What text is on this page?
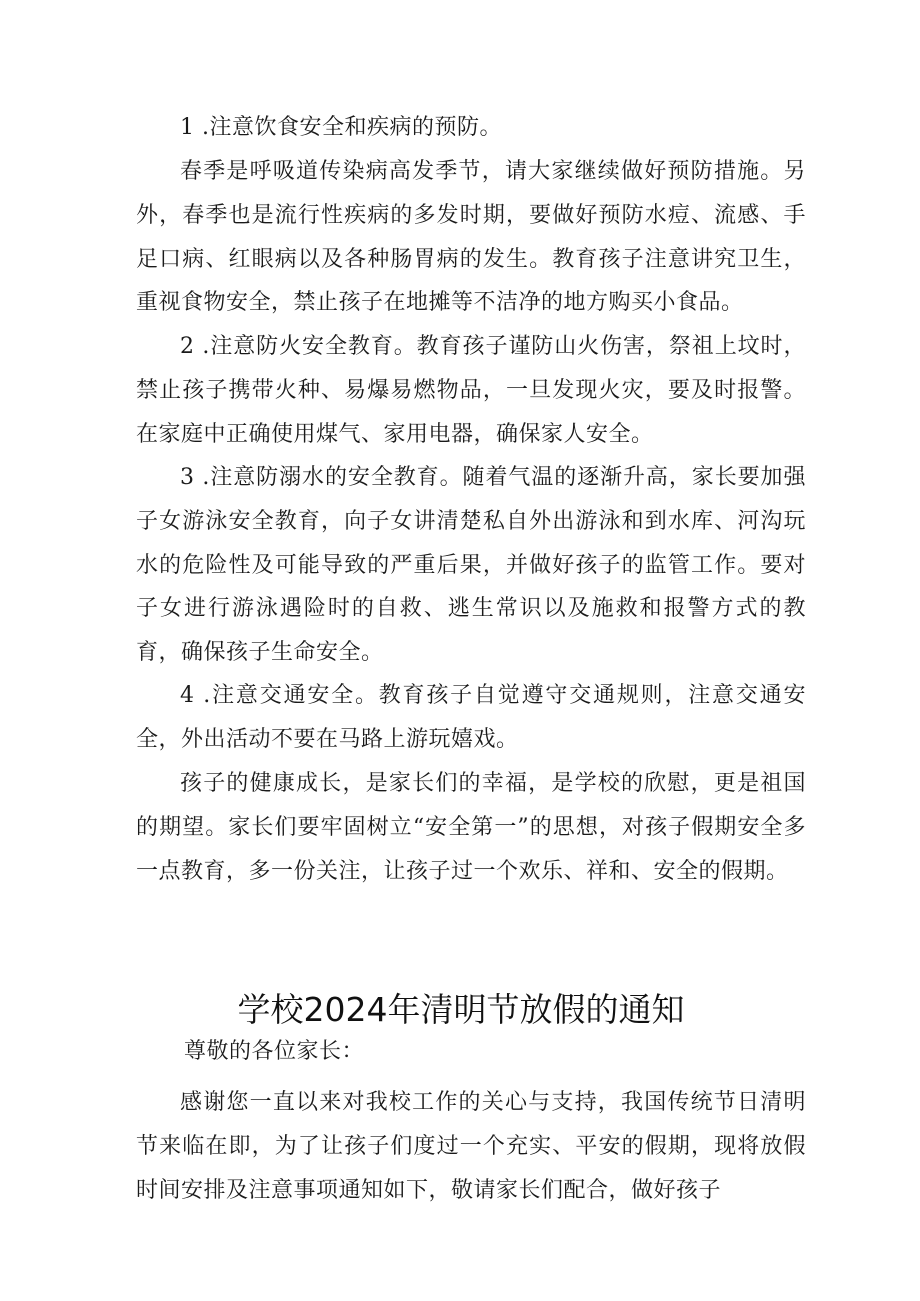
1 .注意饮食安全和疾病的预防。

春季是呼吸道传染病高发季节，请大家继续做好预防措施。另外，春季也是流行性疾病的多发时期，要做好预防水痘、流感、手足口病、红眼病以及各种肠胃病的发生。教育孩子注意讲究卫生，重视食物安全，禁止孩子在地摊等不洁净的地方购买小食品。

2 .注意防火安全教育。教育孩子谨防山火伤害，祭祖上坟时，禁止孩子携带火种、易爆易燃物品，一旦发现火灾，要及时报警。在家庭中正确使用煤气、家用电器，确保家人安全。

3 .注意防溺水的安全教育。随着气温的逐渐升高，家长要加强子女游泳安全教育，向子女讲清楚私自外出游泳和到水库、河沟玩水的危险性及可能导致的严重后果，并做好孩子的监管工作。要对子女进行游泳遇险时的自救、逃生常识以及施救和报警方式的教育，确保孩子生命安全。

4 .注意交通安全。教育孩子自觉遵守交通规则，注意交通安全，外出活动不要在马路上游玩嬉戏。

孩子的健康成长，是家长们的幸福，是学校的欣慰，更是祖国的期望。家长们要牢固树立“安全第一”的思想，对孩子假期安全多一点教育，多一份关注，让孩子过一个欢乐、祥和、安全的假期。

学校2024年清明节放假的通知

尊敬的各位家长：

感谢您一直以来对我校工作的关心与支持，我国传统节日清明节来临在即，为了让孩子们度过一个充实、平安的假期，现将放假时间安排及注意事项通知如下，敬请家长们配合，做好孩子
